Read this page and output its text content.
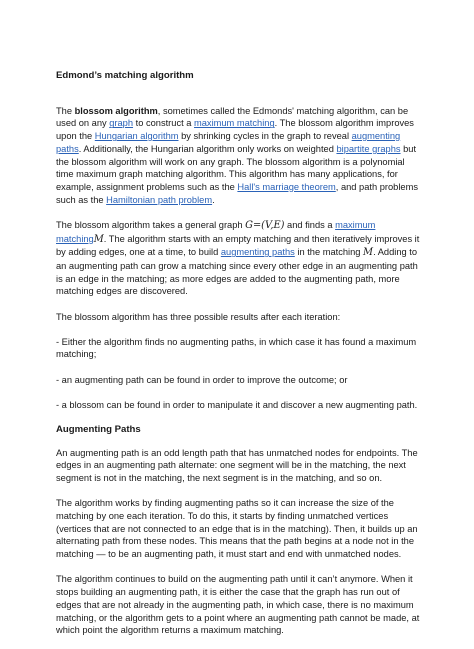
Edmond’s matching algorithm

The blossom algorithm, sometimes called the Edmonds' matching algorithm, can be used on any graph to construct a maximum matching. The blossom algorithm improves upon the Hungarian algorithm by shrinking cycles in the graph to reveal augmenting paths. Additionally, the Hungarian algorithm only works on weighted bipartite graphs but the blossom algorithm will work on any graph. The blossom algorithm is a polynomial time maximum graph matching algorithm. This algorithm has many applications, for example, assignment problems such as the Hall's marriage theorem, and path problems such as the Hamiltonian path problem.

The blossom algorithm takes a general graph G=(V,E) and finds a maximum matchingM. The algorithm starts with an empty matching and then iteratively improves it by adding edges, one at a time, to build augmenting paths in the matching M. Adding to an augmenting path can grow a matching since every other edge in an augmenting path is an edge in the matching; as more edges are added to the augmenting path, more matching edges are discovered.

The blossom algorithm has three possible results after each iteration:

- Either the algorithm finds no augmenting paths, in which case it has found a maximum matching;

- an augmenting path can be found in order to improve the outcome; or

- a blossom can be found in order to manipulate it and discover a new augmenting path.

Augmenting Paths

An augmenting path is an odd length path that has unmatched nodes for endpoints. The edges in an augmenting path alternate: one segment will be in the matching, the next segment is not in the matching, the next segment is in the matching, and so on.

The algorithm works by finding augmenting paths so it can increase the size of the matching by one each iteration. To do this, it starts by finding unmatched vertices (vertices that are not connected to an edge that is in the matching). Then, it builds up an alternating path from these nodes. This means that the path begins at a node not in the matching — to be an augmenting path, it must start and end with unmatched nodes.

The algorithm continues to build on the augmenting path until it can’t anymore. When it stops building an augmenting path, it is either the case that the graph has run out of edges that are not already in the augmenting path, in which case, there is no maximum matching, or the algorithm gets to a point where an augmenting path cannot be made, at which point the algorithm returns a maximum matching.
